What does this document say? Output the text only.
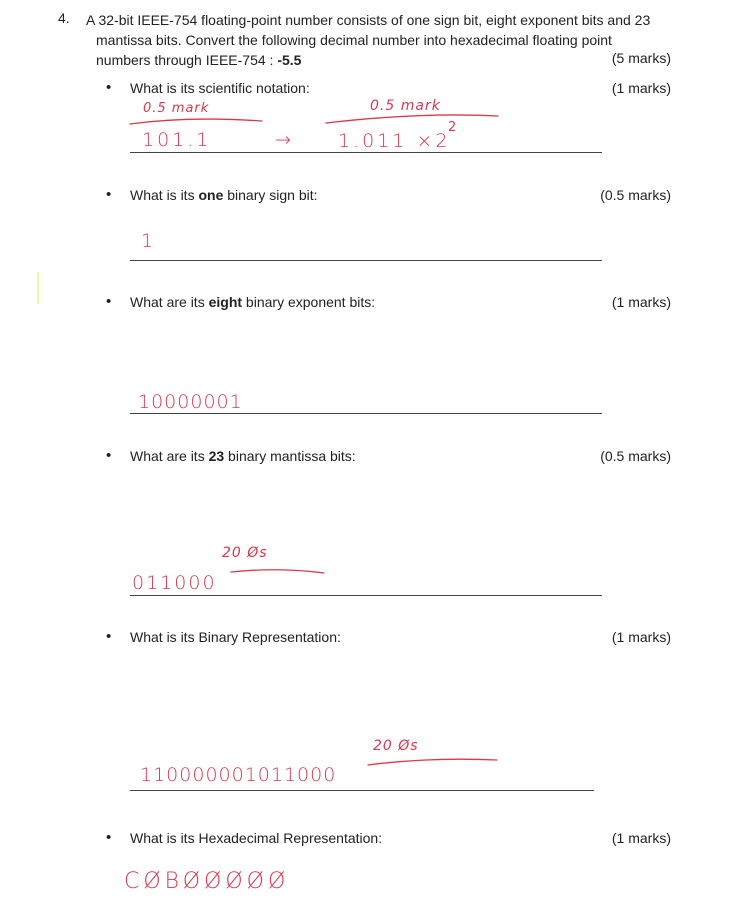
4. A 32-bit IEEE-754 floating-point number consists of one sign bit, eight exponent bits and 23
mantissa bits. Convert the following decimal number into hexadecimal floating point
numbers through IEEE-754 : -5.5	(5 marks)
• What is its scientific notation:	(1 marks)
• What is its one binary sign bit:	(0.5 marks)
• What are its eight binary exponent bits:	(1 marks)
• What are its 23 binary mantissa bits:	(0.5 marks)
• What is its Binary Representation:	(1 marks)
• What is its Hexadecimal Representation:	(1 marks)
0.5 mark
101.1	→
0.5 mark
1.011 ×2
2
1
10000001
20 Øs
011000
20 Øs
110000001011000
CØBØØØØØ
